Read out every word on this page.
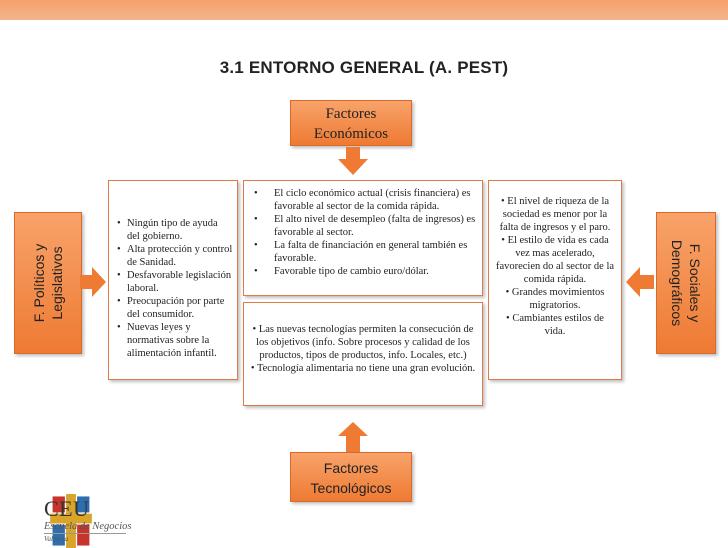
3.1 ENTORNO GENERAL (A. PEST)
Factores
Económicos
Factores
Tecnológicos
F. Políticos y Legislativos	F. Sociales y
Demográficos
• Ningún tipo de ayuda del gobierno.
• Alta protección y control de Sanidad.
• Desfavorable legislación laboral.
• Preocupación por parte del consumidor.
• Nuevas leyes y normativas sobre la alimentación infantil.
• El ciclo económico actual (crisis financiera) es favorable al sector de la comida rápida.
• El alto nivel de desempleo (falta de ingresos) es favorable al sector.
• La falta de financiación en general también es favorable.
• Favorable tipo de cambio euro/dólar.
• Las nuevas tecnologías permiten la consecución de los objetivos (info. Sobre procesos y calidad de los productos, tipos de productos, info. Locales, etc.)
• Tecnología alimentaria no tiene una gran evolución.
• El nivel de riqueza de la sociedad es menor por la falta de ingresos y el paro.
• El estilo de vida es cada vez mas acelerado, favorecien do al sector de la comida rápida.
• Grandes movimientos migratorios.
• Cambiantes estilos de vida.
CEU
Escuela de Negocios
Valencia
